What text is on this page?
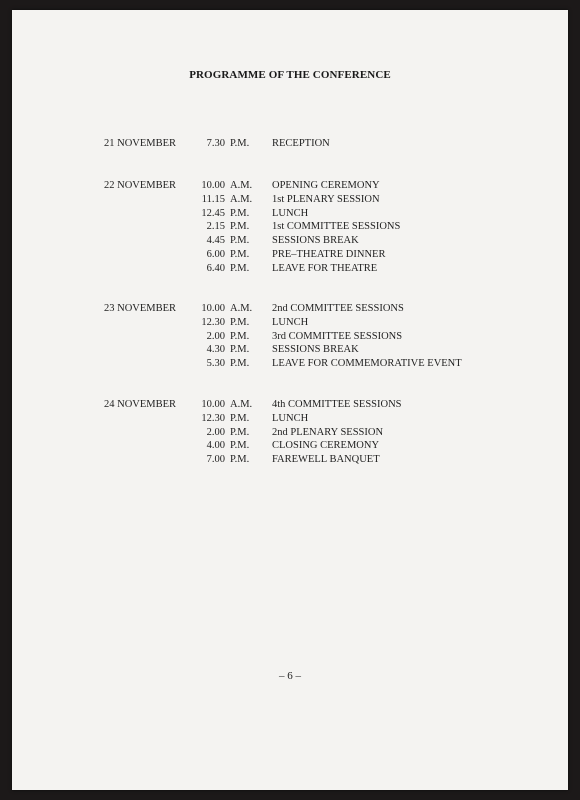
PROGRAMME OF THE CONFERENCE
21 NOVEMBER	7.30 P.M. RECEPTION
22 NOVEMBER 10.00 A.M. OPENING CEREMONY
11.15 A.M. 1st PLENARY SESSION
12.45 P.M. LUNCH
2.15 P.M. 1st COMMITTEE SESSIONS
4.45 P.M. SESSIONS BREAK
6.00 P.M. PRE–THEATRE DINNER
6.40 P.M. LEAVE FOR THEATRE
23 NOVEMBER 10.00 A.M. 2nd COMMITTEE SESSIONS
12.30 P.M. LUNCH
2.00 P.M. 3rd COMMITTEE SESSIONS
4.30 P.M. SESSIONS BREAK
5.30 P.M. LEAVE FOR COMMEMORATIVE EVENT
24 NOVEMBER 10.00 A.M. 4th COMMITTEE SESSIONS
12.30 P.M. LUNCH
2.00 P.M. 2nd PLENARY SESSION
4.00 P.M. CLOSING CEREMONY
7.00 P.M. FAREWELL BANQUET
– 6 –
